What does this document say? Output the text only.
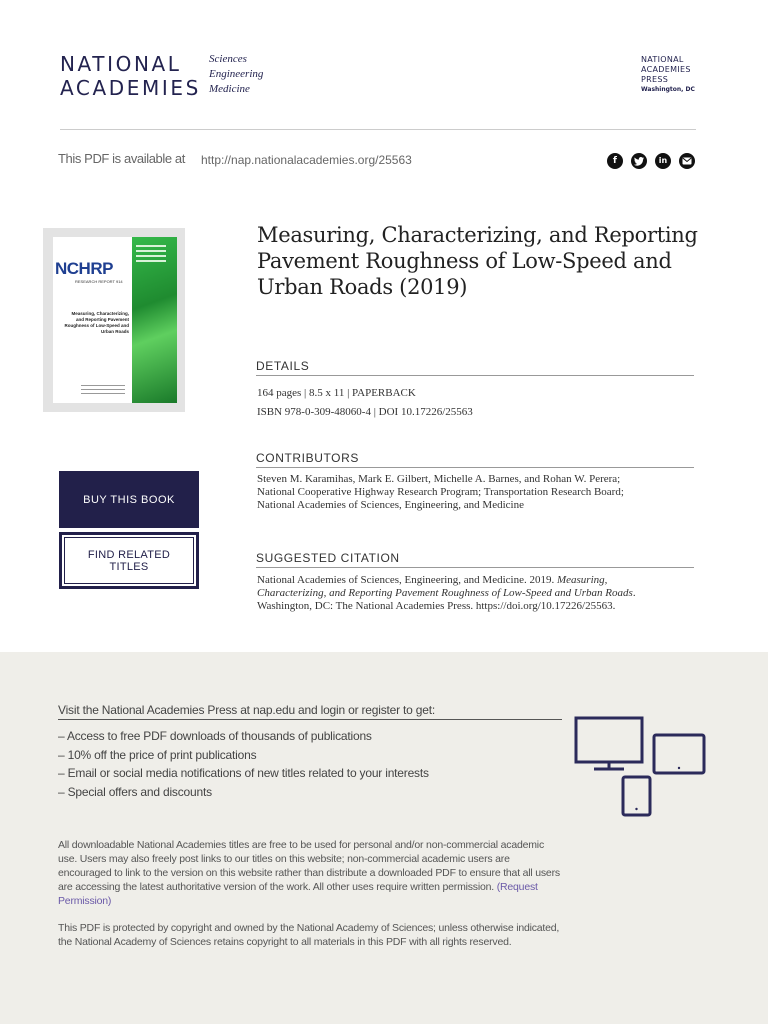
NATIONAL
ACADEMIES
Sciences
Engineering
Medicine
NATIONAL
ACADEMIES
PRESS
Washington, DC
This PDF is available at http://nap.nationalacademies.org/25563	f	in
NCHRP
RESEARCH REPORT 914
Measuring, Characterizing, and Reporting Pavement Roughness of Low-Speed and Urban Roads
Measuring, Characterizing, and Reporting Pavement Roughness of Low-Speed and Urban Roads (2019)
DETAILS
164 pages | 8.5 x 11 | PAPERBACK
ISBN 978-0-309-48060-4 | DOI 10.17226/25563
CONTRIBUTORS
Steven M. Karamihas, Mark E. Gilbert, Michelle A. Barnes, and Rohan W. Perera;
National Cooperative Highway Research Program; Transportation Research Board;
National Academies of Sciences, Engineering, and Medicine
SUGGESTED CITATION
National Academies of Sciences, Engineering, and Medicine. 2019. Measuring,
Characterizing, and Reporting Pavement Roughness of Low-Speed and Urban Roads.
Washington, DC: The National Academies Press. https://doi.org/10.17226/25563.
BUY THIS BOOK
FIND RELATED TITLES
Visit the National Academies Press at nap.edu and login or register to get:
– Access to free PDF downloads of thousands of publications
– 10% off the price of print publications
– Email or social media notifications of new titles related to your interests
– Special offers and discounts
All downloadable National Academies titles are free to be used for personal and/or non-commercial academic use. Users may also freely post links to our titles on this website; non-commercial academic users are encouraged to link to the version on this website rather than distribute a downloaded PDF to ensure that all users are accessing the latest authoritative version of the work. All other uses require written permission. (Request Permission)
This PDF is protected by copyright and owned by the National Academy of Sciences; unless otherwise indicated, the National Academy of Sciences retains copyright to all materials in this PDF with all rights reserved.
